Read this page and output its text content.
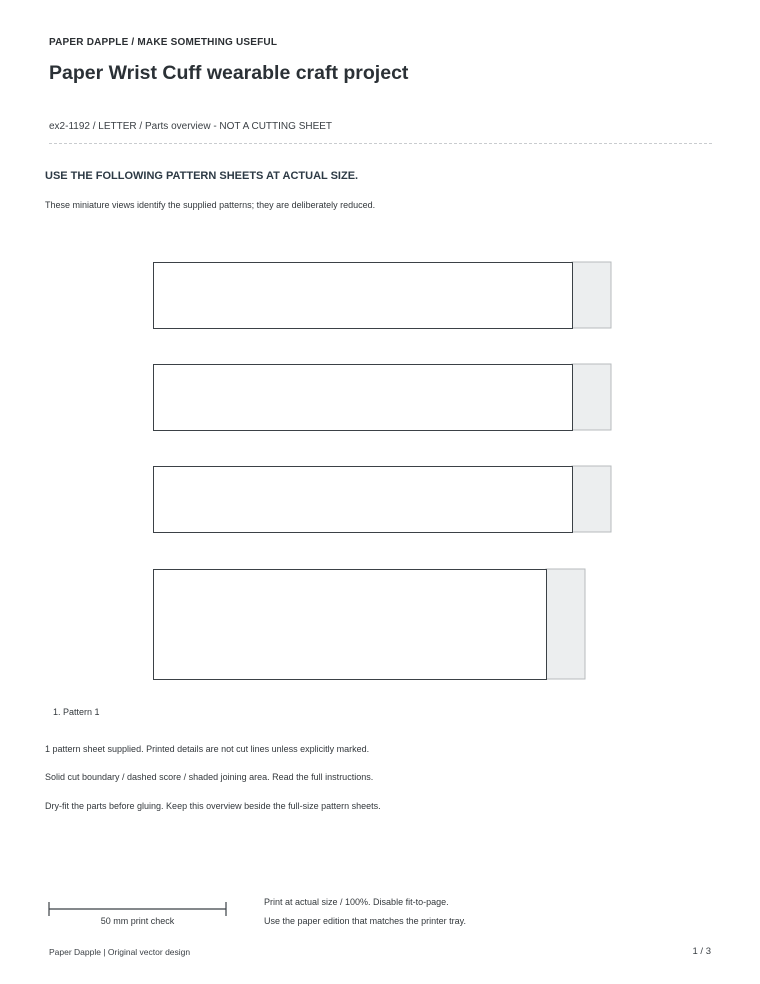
PAPER DAPPLE / MAKE SOMETHING USEFUL
Paper Wrist Cuff wearable craft project
ex2-1192 / LETTER / Parts overview - NOT A CUTTING SHEET
USE THE FOLLOWING PATTERN SHEETS AT ACTUAL SIZE.
These miniature views identify the supplied patterns; they are deliberately reduced.
1. Pattern 1
1 pattern sheet supplied. Printed details are not cut lines unless explicitly marked.
Solid cut boundary / dashed score / shaded joining area. Read the full instructions.
Dry-fit the parts before gluing. Keep this overview beside the full-size pattern sheets.
50 mm print check
Print at actual size / 100%. Disable fit-to-page.
Use the paper edition that matches the printer tray.
Paper Dapple | Original vector design	1 / 3
